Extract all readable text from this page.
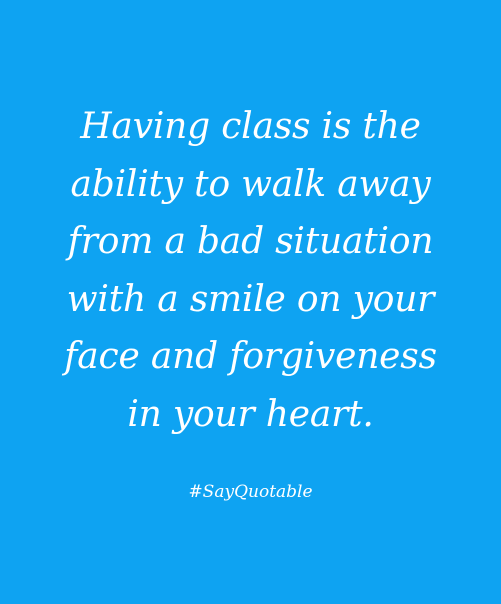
Having class is the
ability to walk away
from a bad situation
with a smile on your
face and forgiveness
in your heart.

#SayQuotable
